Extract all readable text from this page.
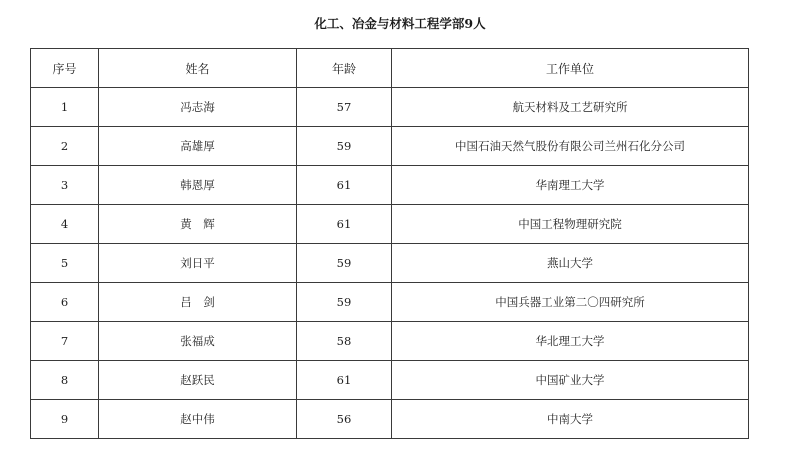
化工、冶金与材料工程学部9人
序号	姓名	年龄	工作单位
1	冯志海	57	航天材料及工艺研究所
2	高雄厚	59	中国石油天然气股份有限公司兰州石化分公司
3	韩恩厚	61	华南理工大学
4	黄　辉	61	中国工程物理研究院
5	刘日平	59	燕山大学
6	吕　剑	59	中国兵器工业第二〇四研究所
7	张福成	58	华北理工大学
8	赵跃民	61	中国矿业大学
9	赵中伟	56	中南大学
